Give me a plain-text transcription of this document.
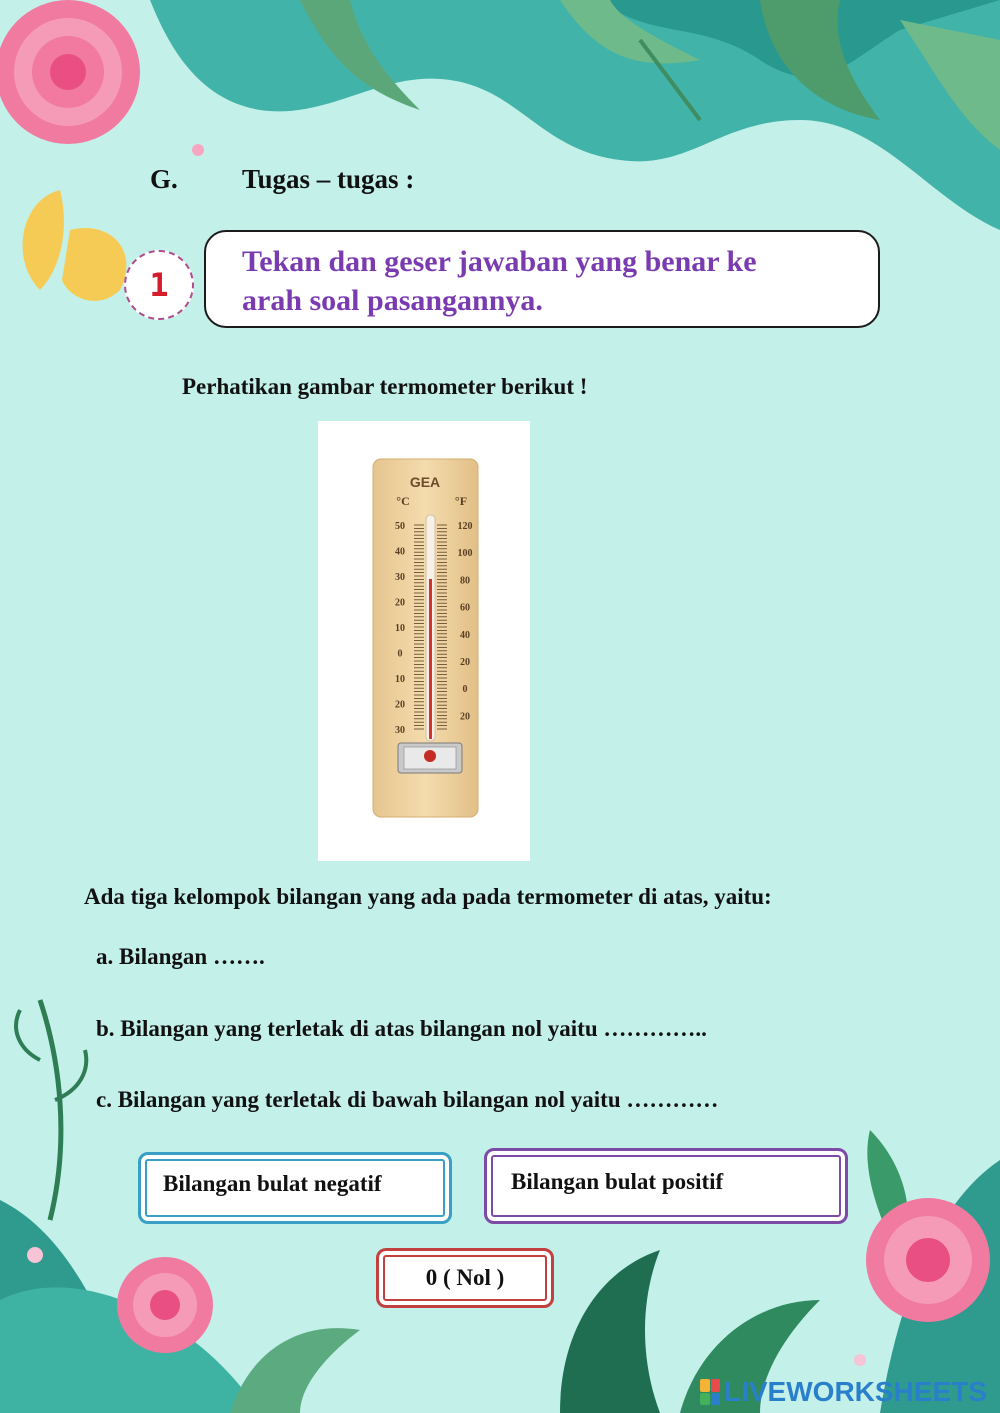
G. Tugas – tugas :
1
Tekan dan geser jawaban yang benar ke
arah soal pasangannya.
Perhatikan gambar termometer berikut !
GEA
°C	°F
50
40
30
20
10
0
10
20
30
120
100
80
60
40
20
0
20
Ada tiga kelompok bilangan yang ada pada termometer di atas, yaitu:
a. Bilangan …….
b. Bilangan yang terletak di atas bilangan nol yaitu …………..
c. Bilangan yang terletak di bawah bilangan nol yaitu …………
Bilangan bulat negatif	Bilangan bulat positif
0 ( Nol )
LIVEWORKSHEETS
